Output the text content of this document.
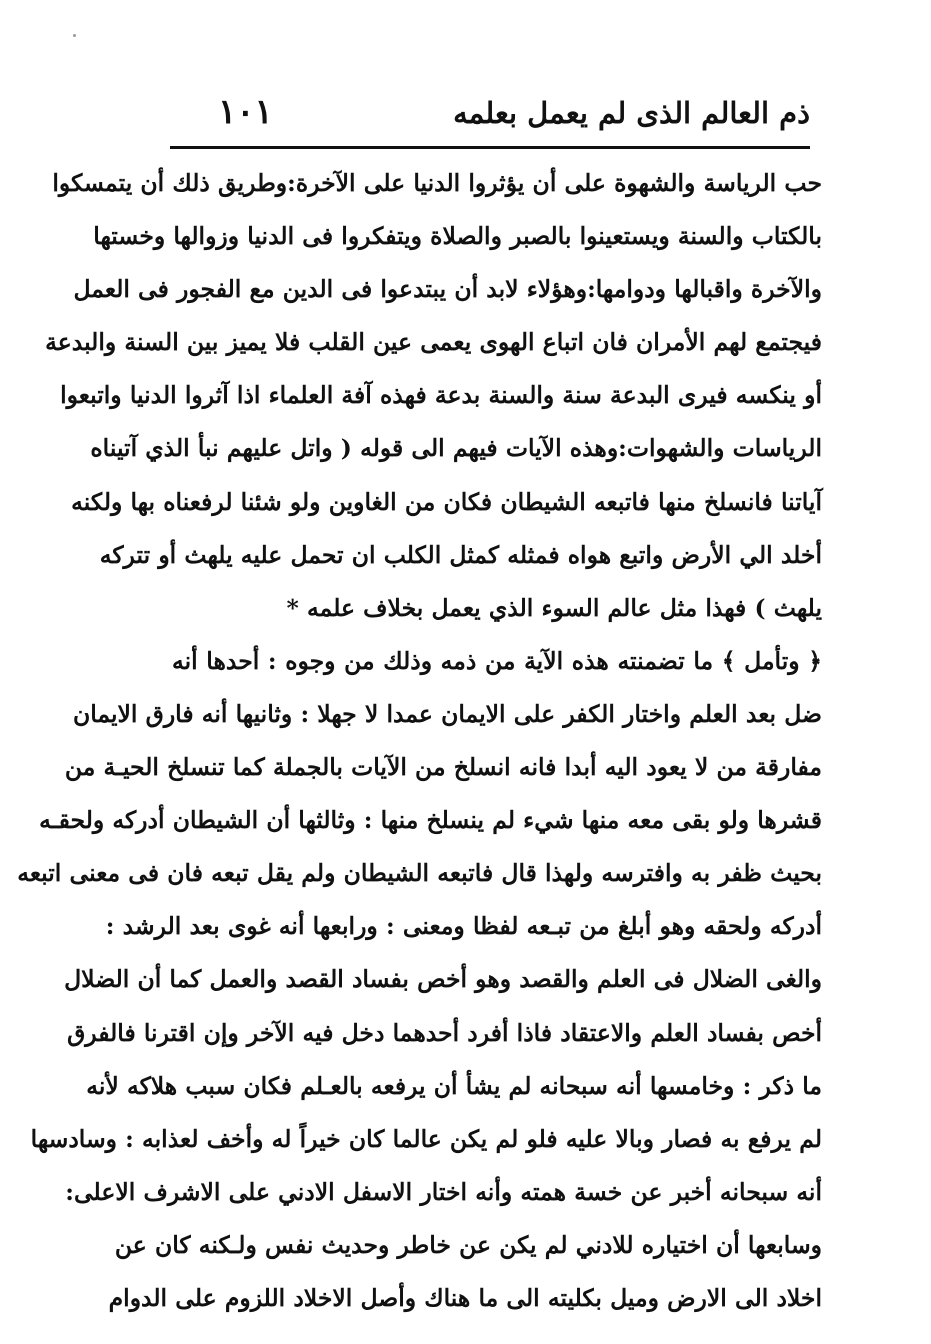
ذم العالم الذى لم يعمل بعلمه
١٠١
حب الرياسة والشهوة على أن يؤثروا الدنيا على الآخرة:وطريق ذلك أن يتمسكوا
بالكتاب والسنة ويستعينوا بالصبر والصلاة ويتفكروا فى الدنيا وزوالها وخستها
والآخرة واقبالها ودوامها:وهؤلاء لابد أن يبتدعوا فى الدين مع الفجور فى العمل
فيجتمع لهم الأمران فان اتباع الهوى يعمى عين القلب فلا يميز بين السنة والبدعة
أو ينكسه فيرى البدعة سنة والسنة بدعة فهذه آفة العلماء اذا آثروا الدنيا واتبعوا
الرياسات والشهوات:وهذه الآيات فيهم الى قوله ( واتل عليهم نبأ الذي آتيناه
آياتنا فانسلخ منها فاتبعه الشيطان فكان من الغاوين ولو شئنا لرفعناه بها ولكنه
أخلد الي الأرض واتبع هواه فمثله كمثل الكلب ان تحمل عليه يلهث أو تتركه
يلهث ) فهذا مثل عالم السوء الذي يعمل بخلاف علمه *
﴿ وتأمل ﴾ ما تضمنته هذه الآية من ذمه وذلك من وجوه : أحدها أنه
ضل بعد العلم واختار الكفر على الايمان عمدا لا جهلا : وثانيها أنه فارق الايمان
مفارقة من لا يعود اليه أبدا فانه انسلخ من الآيات بالجملة كما تنسلخ الحيـة من
قشرها ولو بقى معه منها شيء لم ينسلخ منها : وثالثها أن الشيطان أدركه ولحقـه
بحيث ظفر به وافترسه ولهذا قال فاتبعه الشيطان ولم يقل تبعه فان فى معنى اتبعه
أدركه ولحقه وهو أبلغ من تبـعه لفظا ومعنى : ورابعها أنه غوى بعد الرشد :
والغى الضلال فى العلم والقصد وهو أخص بفساد القصد والعمل كما أن الضلال
أخص بفساد العلم والاعتقاد فاذا أفرد أحدهما دخل فيه الآخر وإن اقترنا فالفرق
ما ذكر : وخامسها أنه سبحانه لم يشأ أن يرفعه بالعـلم فكان سبب هلاكه لأنه
لم يرفع به فصار وبالا عليه فلو لم يكن عالما كان خيراً له وأخف لعذابه : وسادسها
أنه سبحانه أخبر عن خسة همته وأنه اختار الاسفل الادني على الاشرف الاعلى:
وسابعها أن اختياره للادني لم يكن عن خاطر وحديث نفس ولـكنه كان عن
اخلاد الى الارض وميل بكليته الى ما هناك وأصل الاخلاد اللزوم على الدوام
